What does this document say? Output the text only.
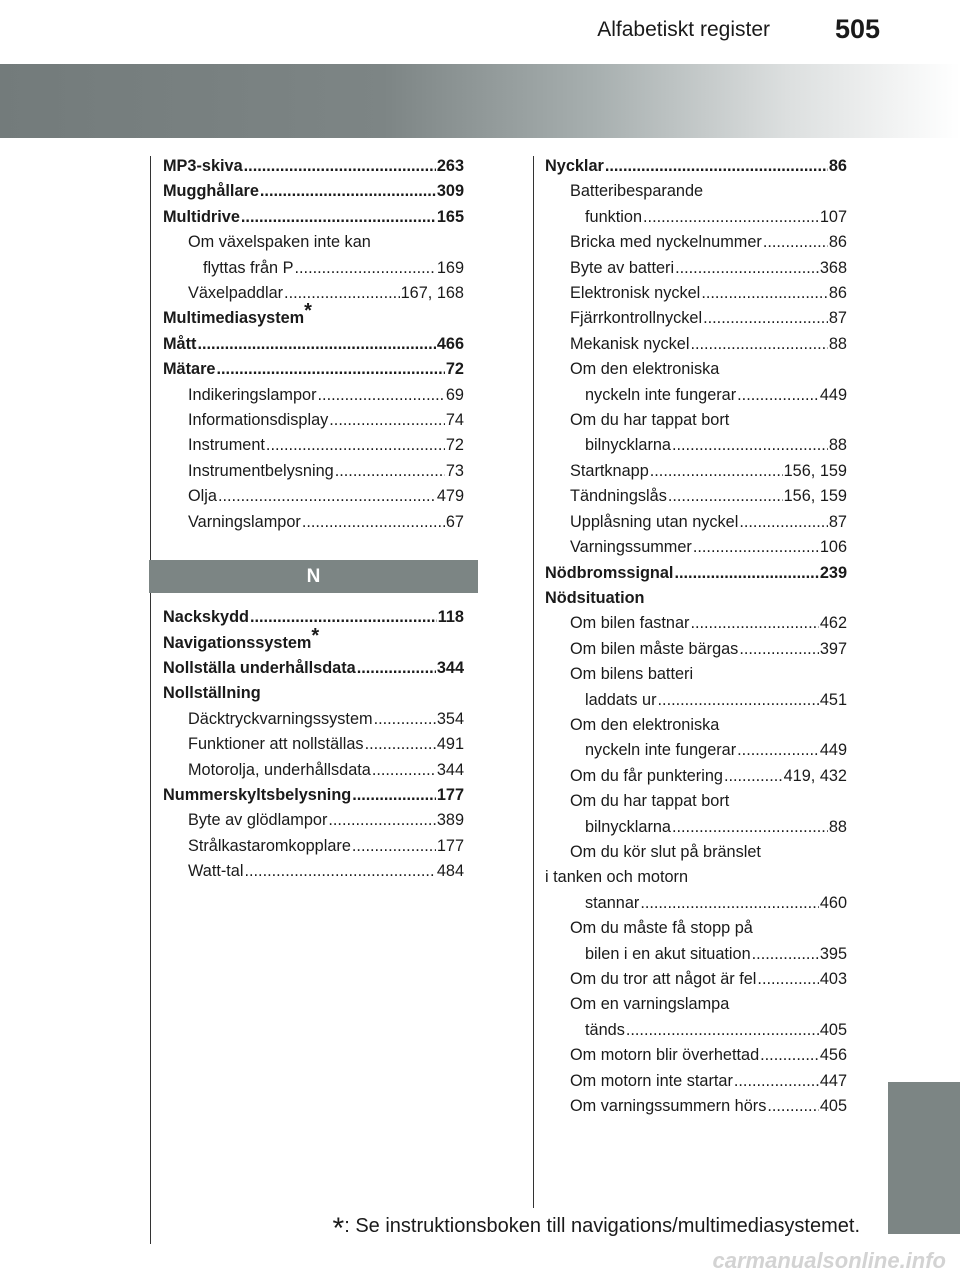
Alfabetiskt register	505
MP3-skiva .....	263
Mugghållare .....	309
Multidrive .....	165
Om växelspaken inte kan
flyttas från P .....	169
Växelpaddlar .....	167, 168
Multimediasystem*
Mått .....	466
Mätare .....	72
Indikeringslampor .....	69
Informationsdisplay .....	74
Instrument .....	72
Instrumentbelysning .....	73
Olja .....	479
Varningslampor .....	67
N
Nackskydd .....	118
Navigationssystem*
Nollställa underhållsdata .....	344
Nollställning
Däcktryckvarningssystem .....	354
Funktioner att nollställas .....	491
Motorolja, underhållsdata .....	344
Nummerskyltsbelysning .....	177
Byte av glödlampor .....	389
Strålkastaromkopplare .....	177
Watt-tal .....	484
Nycklar .....	86
Batteribesparande
funktion .....	107
Bricka med nyckelnummer .....	86
Byte av batteri .....	368
Elektronisk nyckel .....	86
Fjärrkontrollnyckel .....	87
Mekanisk nyckel .....	88
Om den elektroniska
nyckeln inte fungerar .....	449
Om du har tappat bort
bilnycklarna .....	88
Startknapp .....	156, 159
Tändningslås .....	156, 159
Upplåsning utan nyckel .....	87
Varningssummer .....	106
Nödbromssignal .....	239
Nödsituation
Om bilen fastnar .....	462
Om bilen måste bärgas .....	397
Om bilens batteri
laddats ur .....	451
Om den elektroniska
nyckeln inte fungerar .....	449
Om du får punktering .....	419, 432
Om du har tappat bort
bilnycklarna .....	88
Om du kör slut på bränslet
i tanken och motorn
stannar .....	460
Om du måste få stopp på
bilen i en akut situation .....	395
Om du tror att något är fel .....	403
Om en varningslampa
tänds .....	405
Om motorn blir överhettad .....	456
Om motorn inte startar .....	447
Om varningssummern hörs .....	405
*: Se instruktionsboken till navigations/multimediasystemet.
carmanualsonline.info
